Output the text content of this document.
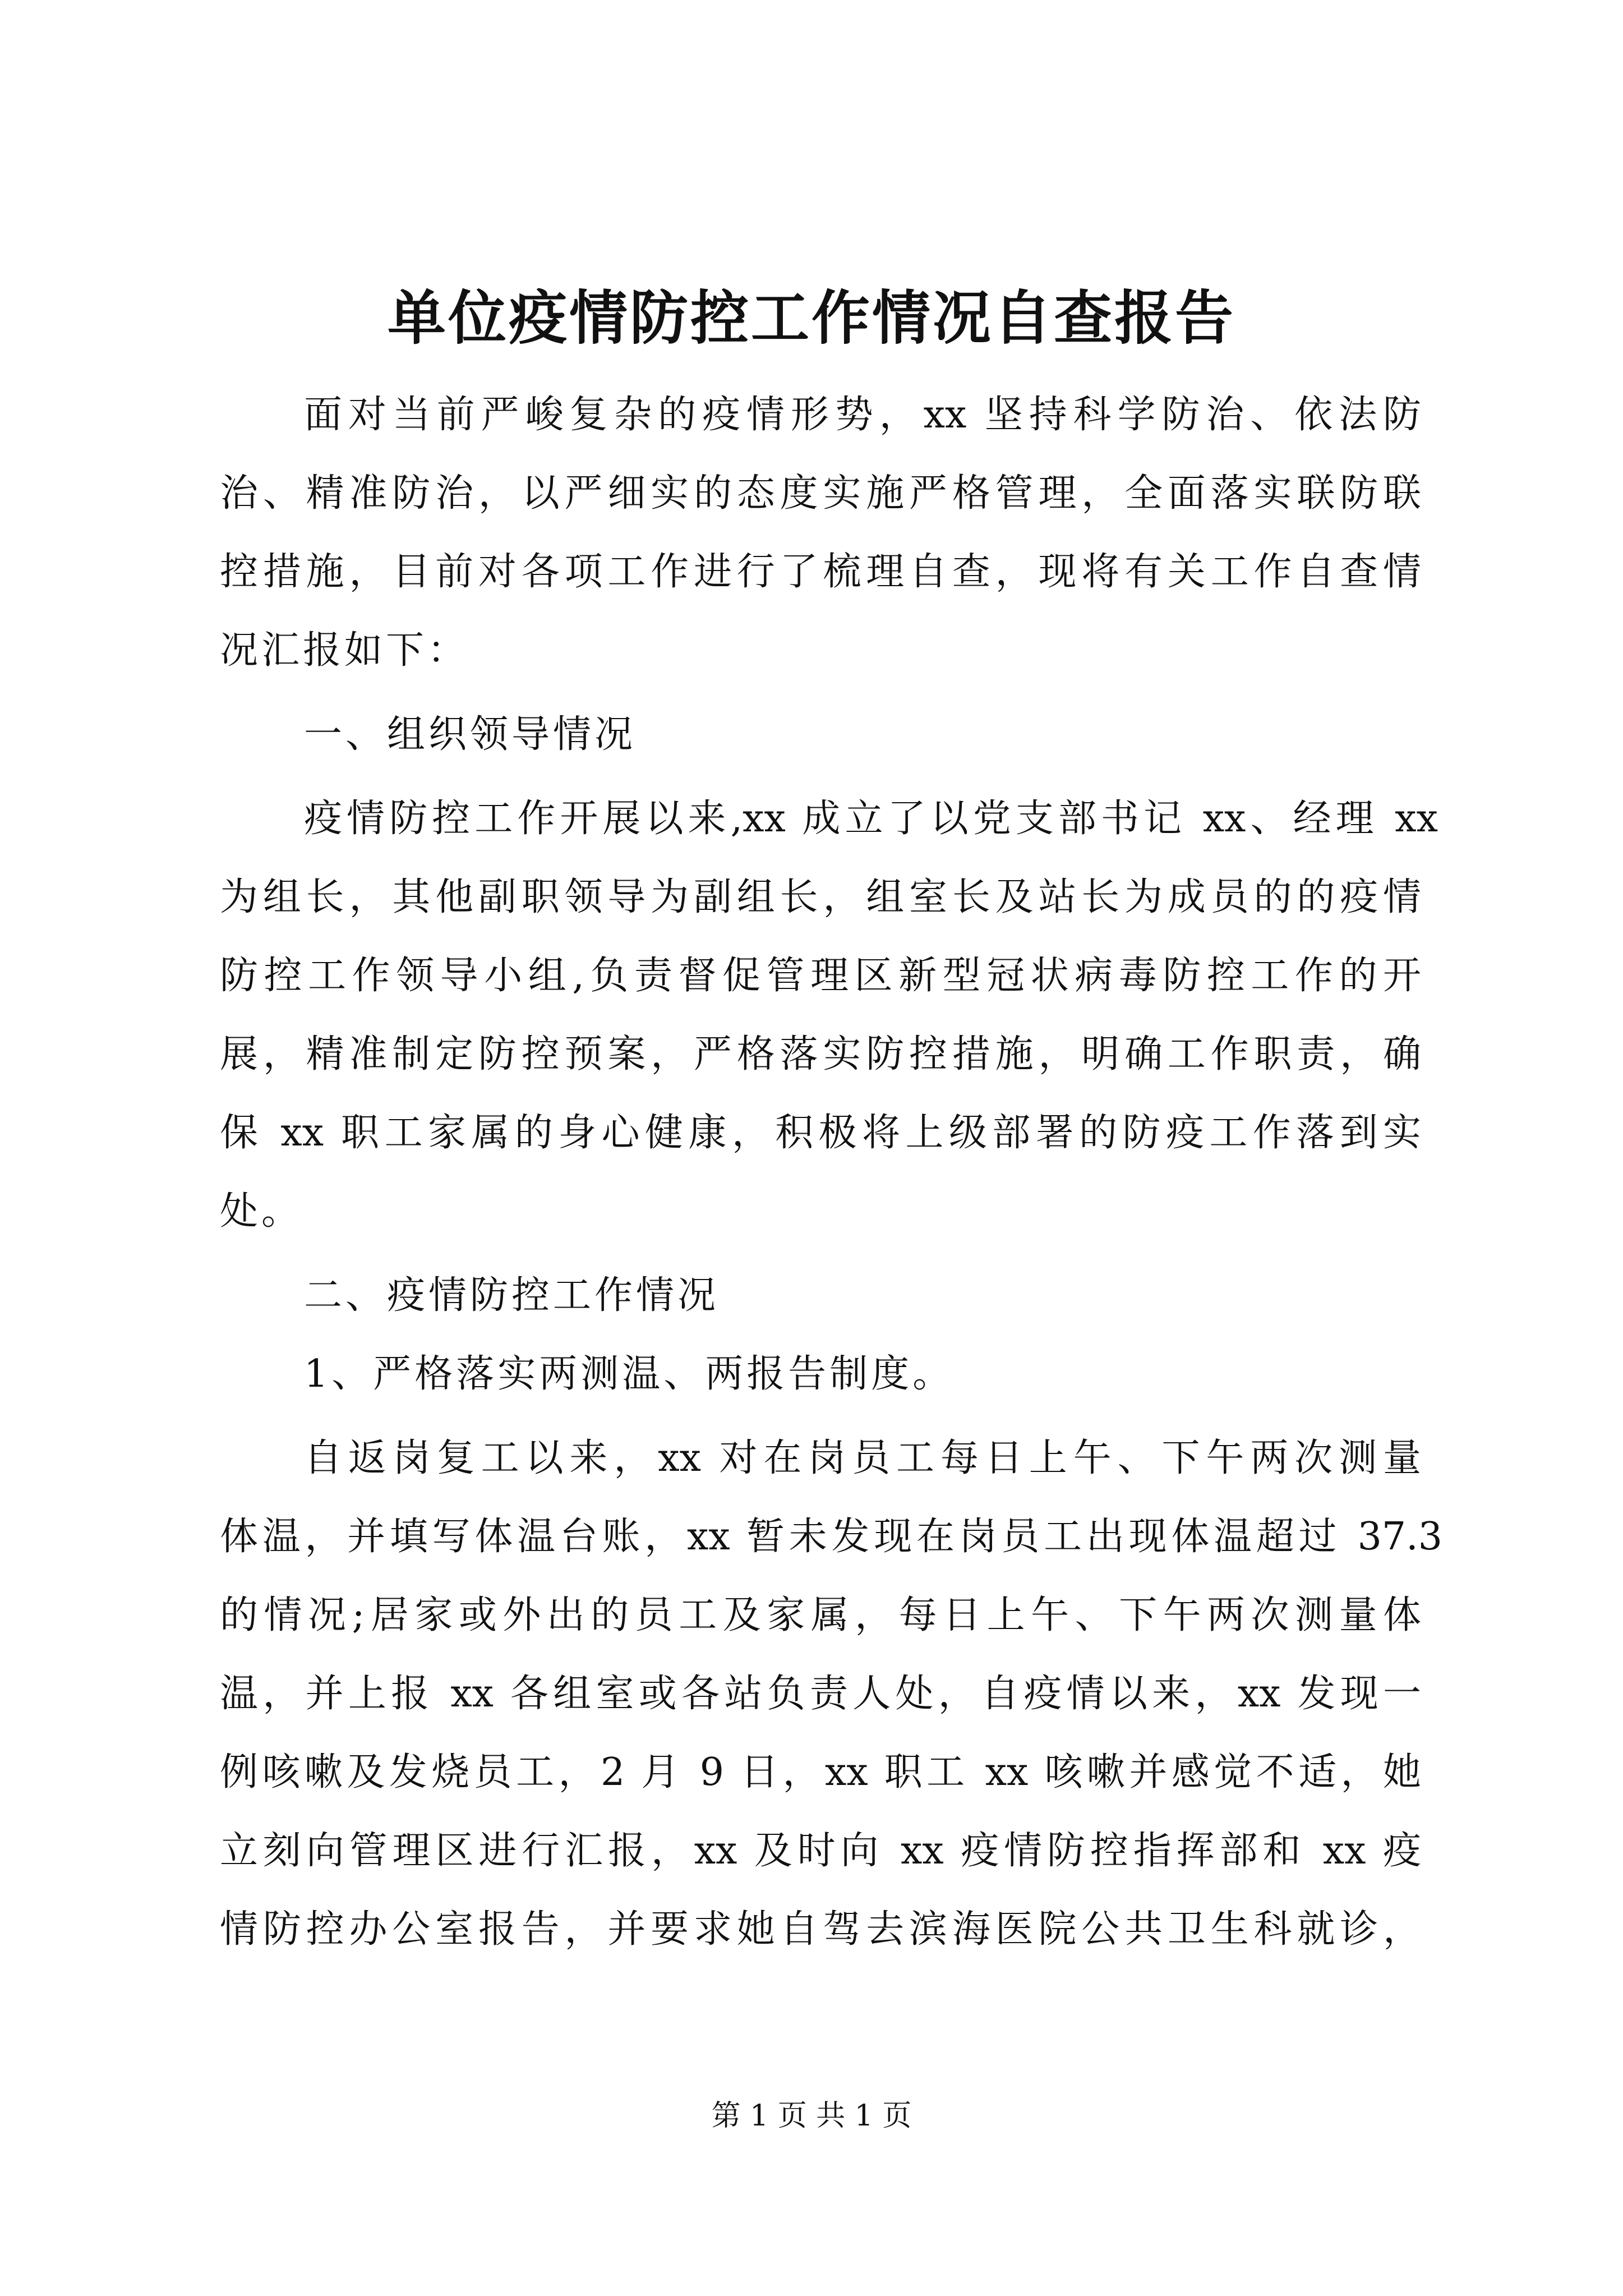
单位疫情防控工作情况自查报告

面对当前严峻复杂的疫情形势，xx 坚持科学防治、依法防

治、精准防治，以严细实的态度实施严格管理，全面落实联防联

控措施，目前对各项工作进行了梳理自查，现将有关工作自查情

况汇报如下：

一、组织领导情况

疫情防控工作开展以来,xx 成立了以党支部书记 xx、经理 xx

为组长，其他副职领导为副组长，组室长及站长为成员的的疫情

防控工作领导小组,负责督促管理区新型冠状病毒防控工作的开

展，精准制定防控预案，严格落实防控措施，明确工作职责，确

保 xx 职工家属的身心健康，积极将上级部署的防疫工作落到实

处。

二、疫情防控工作情况

1、严格落实两测温、两报告制度。

自返岗复工以来，xx 对在岗员工每日上午、下午两次测量

体温，并填写体温台账，xx 暂未发现在岗员工出现体温超过 37.3

的情况;居家或外出的员工及家属，每日上午、下午两次测量体

温，并上报 xx 各组室或各站负责人处，自疫情以来，xx 发现一

例咳嗽及发烧员工，2 月 9 日，xx 职工 xx 咳嗽并感觉不适，她

立刻向管理区进行汇报，xx 及时向 xx 疫情防控指挥部和 xx 疫

情防控办公室报告，并要求她自驾去滨海医院公共卫生科就诊，

第 1 页 共 1 页
